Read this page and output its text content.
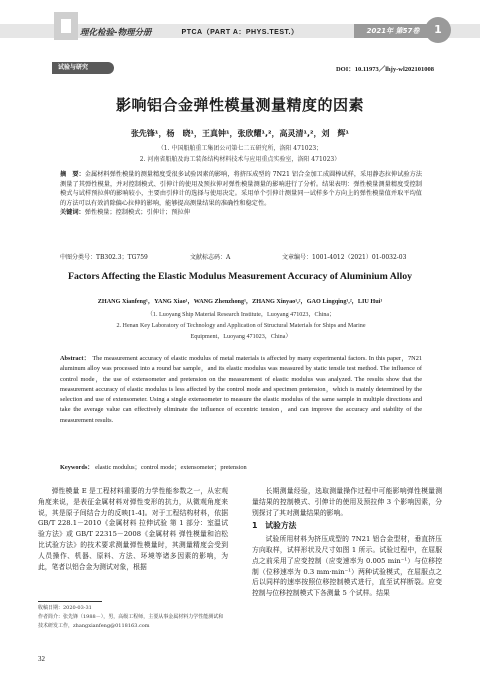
理化检验-物理分册	PTCA（PART A：PHYS.TEST.）	2021年 第57卷	1
试验与研究	DOI：10.11973／lhjy-wl202101008
影响铝合金弹性模量测量精度的因素
张先锋¹，杨　晓¹，王真钟¹，张欣耀¹,²，高灵清¹,²，刘　辉¹
（1. 中国船舶重工集团公司第七二五研究所，洛阳 471023；
2. 河南省船舶及海工装备结构材料技术与应用重点实验室，洛阳 471023）

摘　要：金属材料弹性模量的测量精度受很多试验因素的影响，将挤压成型的 7N21 铝合金加工成圆棒试样，采用静态拉伸试验方法测量了其弹性模量，并对控制模式、引伸计的使用及预拉伸对弹性模量测量的影响进行了分析。结果表明：弹性模量测量精度受控制模式与试样预拉伸的影响较小，主要由引伸计的选择与使用决定。采用单个引伸计测量同一试样多个方向上的弹性模量值并取平均值的方法可以有效消除偏心拉伸的影响，能够提高测量结果的准确性和稳定性。

关键词：弹性模量；控制模式；引伸计；预拉伸

中图分类号：TB302.3；TG759	文献标志码：A	文章编号：1001-4012（2021）01-0032-03
Factors Affecting the Elastic Modulus Measurement Accuracy of Aluminium Alloy
ZHANG Xianfeng¹，YANG Xiao¹，WANG Zhenzhong¹，ZHANG Xinyao¹,²，GAO Lingqing¹,²，LIU Hui¹
（1. Luoyang Ship Material Research Institute，Luoyang 471023，China；
2. Henan Key Laboratory of Technology and Application of Structural Materials for Ships and Marine
Equipment，Luoyang 471023，China）

Abstract： The measurement accuracy of elastic modulus of metal materials is affected by many experimental factors. In this paper，7N21 aluminum alloy was processed into a round bar sample，and its elastic modulus was measured by static tensile test method. The influence of control mode，the use of extensometer and pretension on the measurement of elastic modulus was analyzed. The results show that the measurement accuracy of elastic modulus is less affected by the control mode and specimen pretension，which is mainly determined by the selection and use of extensometer. Using a single extensometer to measure the elastic modulus of the same sample in multiple directions and take the average value can effectively eliminate the influence of eccentric tension，and can improve the accuracy and stability of the measurement results.

Keywords： elastic modulus；control mode；extensometer；pretension

弹性模量 E 是工程材料重要的力学性能参数之一，从宏观角度来说，是表征金属材料对弹性变形的抗力，从微观角度来说，其是原子间结合力的反映[1-4]。对于工程结构材料，依据 GB/T 228.1－2010《金属材料 拉伸试验 第 1 部分：室温试验方法》或 GB/T 22315－2008《金属材料 弹性模量和泊松比试验方法》的技术要求测量弹性模量时，其测量精度会受到人员操作、机器、原料、方法、环境等诸多因素的影响，为此，笔者以铝合金为测试对象，根据

长期测量经验，选取测量操作过程中可能影响弹性模量测量结果的控制模式、引伸计的使用及预拉伸 3 个影响因素，分别探讨了其对测量结果的影响。

1　试验方法

试验所用材料为挤压成型的 7N21 铝合金型材，垂直挤压方向取样，试样形状及尺寸如图 1 所示。试验过程中，在屈服点之前采用了应变控制（应变速率为 0.005 min⁻¹）与位移控制（位移速率为 0.3 mm·min⁻¹）两种试验模式，在屈服点之后以同样的速率按照位移控制模式进行，直至试样断裂。应变控制与位移控制模式下各测量 5 个试样。结果

收稿日期：2020-03-31

作者简介：张先锋（1988－），男，高级工程师，主要从事金属材料力学性能测试和技术研发工作，zhangxianfeng@0118163.com

32
